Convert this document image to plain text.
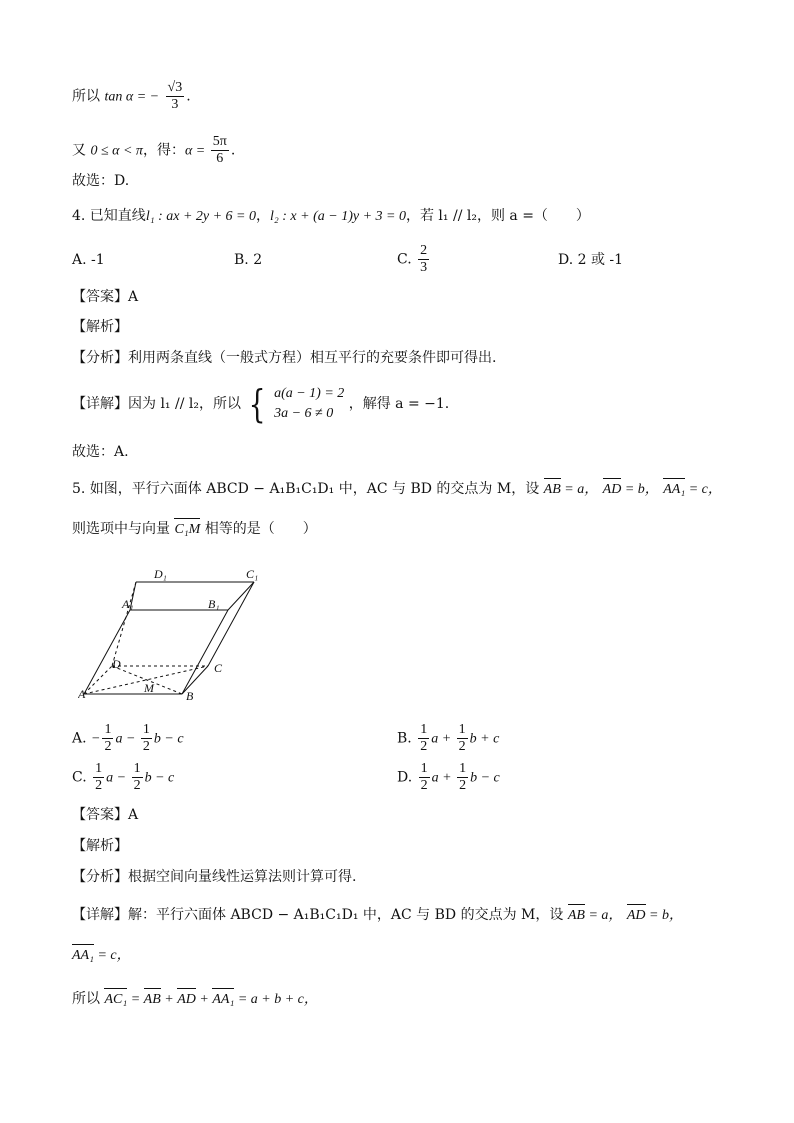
所以 tan α = − $\frac{√3}{3}$ .
又 0 ≤ α < π，得：$\alpha = \frac{5\pi}{6}$ .
故选：D.
4. 已知直线l₁ : ax + 2y + 6 = 0，l₂ : x + (a − 1)y + 3 = 0，若 l₁ // l₂，则 a =（　　）
A. -1	B. 2	C. $\frac{2}{3}$	D. 2 或 -1
【答案】A
【解析】
【分析】利用两条直线（一般式方程）相互平行的充要条件即可得出.
【详解】因为 l₁ // l₂，所以 { a(a − 1) = 2
3a − 6 ≠ 0
，解得 a = −1.
故选：A.
5. 如图，平行六面体 ABCD − A₁B₁C₁D₁ 中，AC 与 BD 的交点为 M，设 AB = a， AD = b， AA₁ = c，
则选项中与向量 C₁M 相等的是（　　）
D₁	C₁
A₁	B₁
D	C
A	B
M
A. − $\frac{1}{2}$ $a - \frac{1}{2}$ b − c	B. $\frac{1}{2}$ $a + \frac{1}{2}$ b + c
C. $\frac{1}{2}$ $a - \frac{1}{2}$ b − c	D. $\frac{1}{2}$ $a + \frac{1}{2}$ b − c
【答案】A
【解析】
【分析】根据空间向量线性运算法则计算可得.
【详解】解：平行六面体 ABCD − A₁B₁C₁D₁ 中，AC 与 BD 的交点为 M，设 AB = a， AD = b，
AA₁ = c，
所以 AC₁ = AB + AD + AA₁ = a + b + c，
